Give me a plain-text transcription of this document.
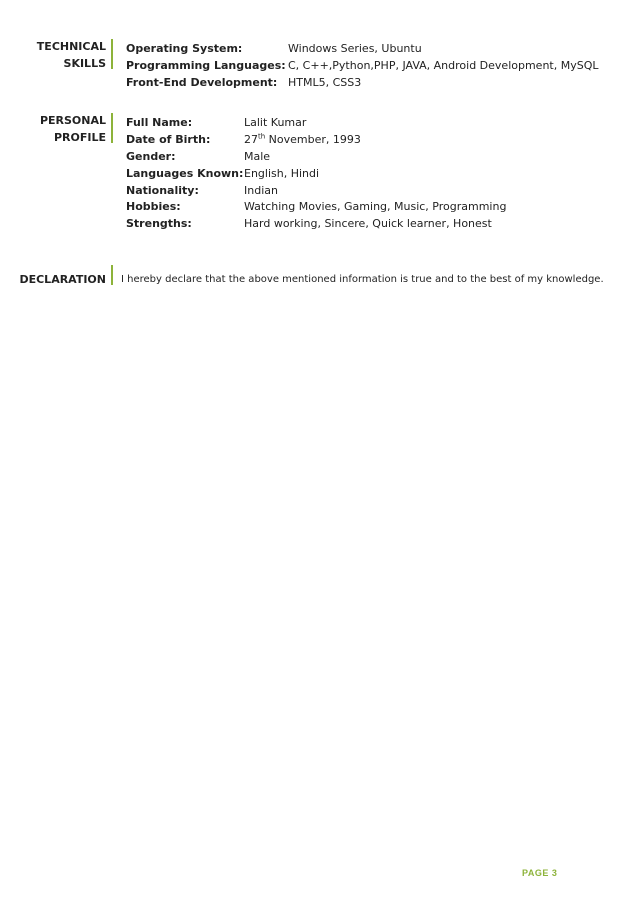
TECHNICAL
SKILLS
Operating System:	Windows Series, Ubuntu
Programming Languages: C, C++,Python,PHP, JAVA, Android Development, MySQL
Front-End Development: HTML5, CSS3
PERSONAL
PROFILE
Full Name:	Lalit Kumar
Date of Birth:	27th November, 1993
Gender:	Male
Languages Known: English, Hindi
Nationality:	Indian
Hobbies:	Watching Movies, Gaming, Music, Programming
Strengths:	Hard working, Sincere, Quick learner, Honest
DECLARATION I hereby declare that the above mentioned information is true and to the best of my knowledge.
PAGE 3
